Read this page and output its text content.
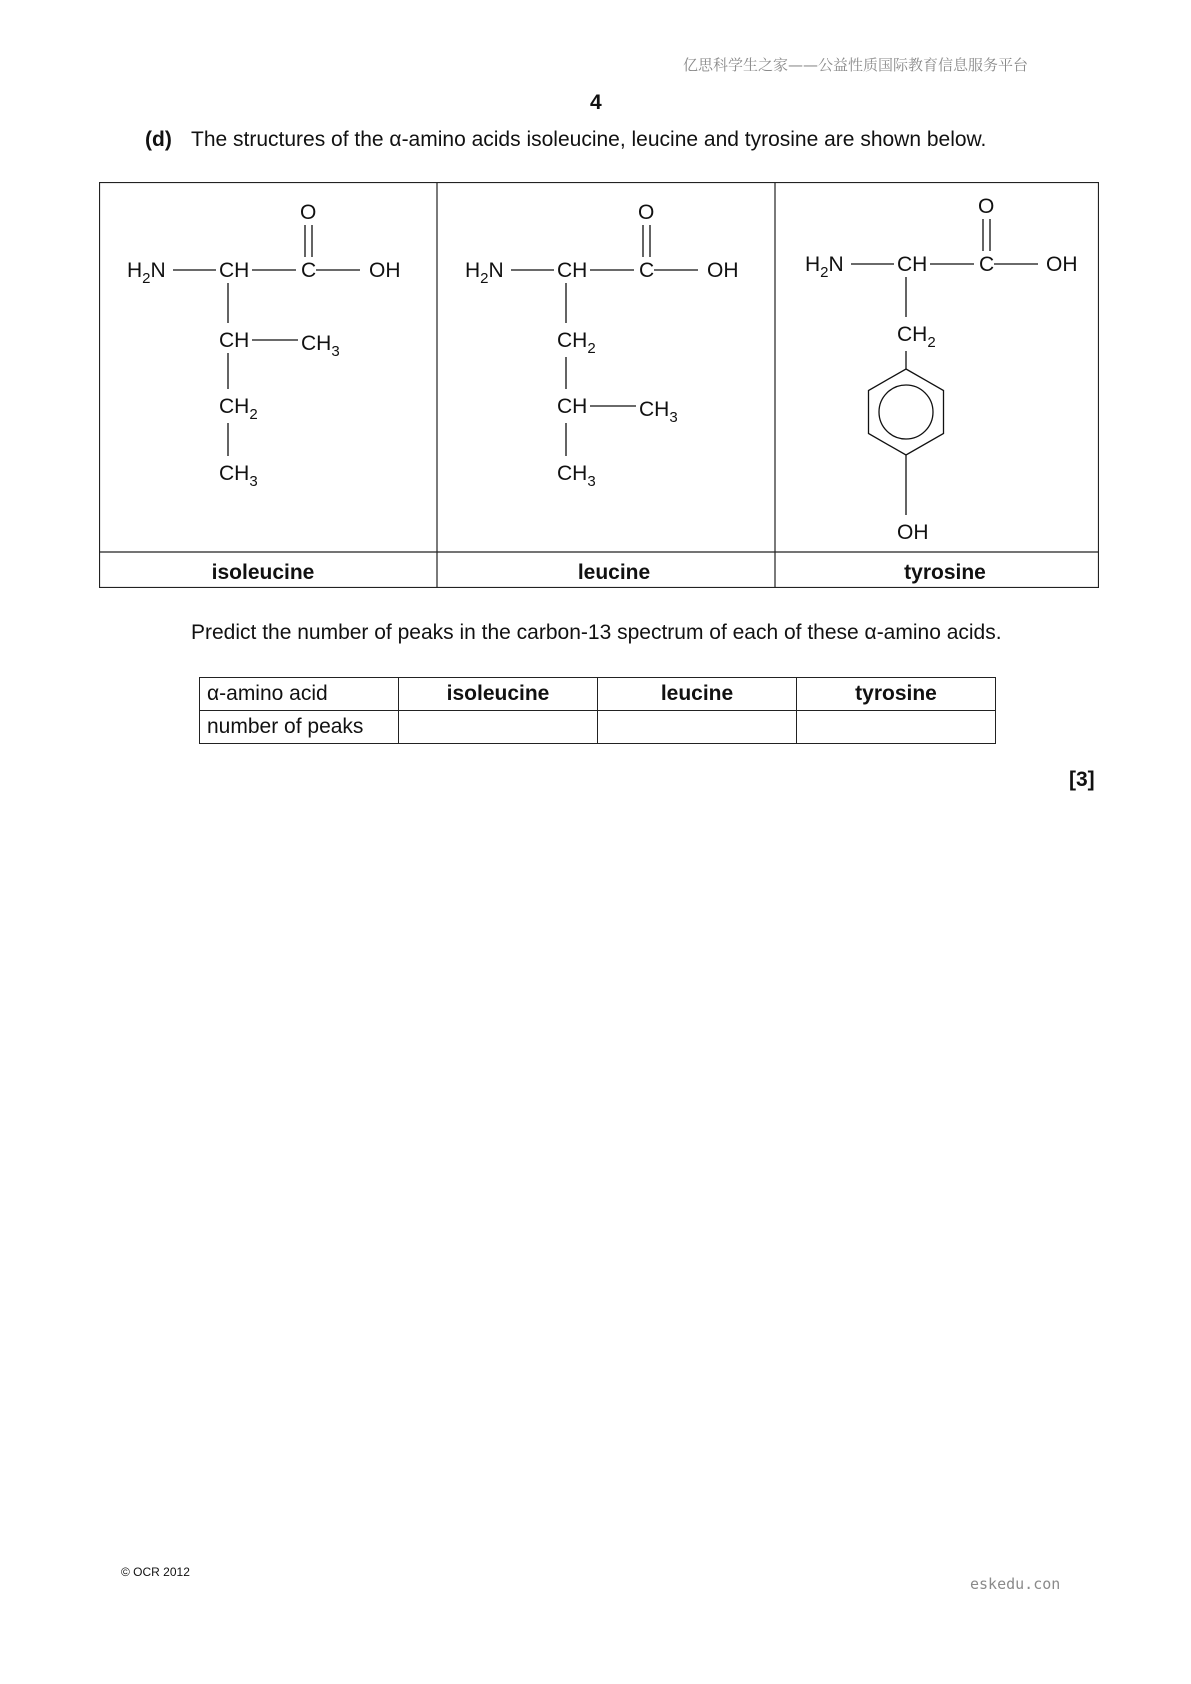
亿思科学生之家——公益性质国际教育信息服务平台
4
(d) The structures of the α-amino acids isoleucine, leucine and tyrosine are shown below.
$H_2N$	CH C	OH
O
CH $CH_3$
$CH_2$
$CH_3$
isoleucine
$H_2N$	CH C	OH
O
$CH_2$
CH $CH_3$
$CH_3$
leucine
$H_2N$	CH C OH
O
$CH_2$
OH
tyrosine
Predict the number of peaks in the carbon-13 spectrum of each of these α-amino acids.
α-amino acid	isoleucine	leucine	tyrosine
number of peaks			
[3]
© OCR 2012
eskedu.con
